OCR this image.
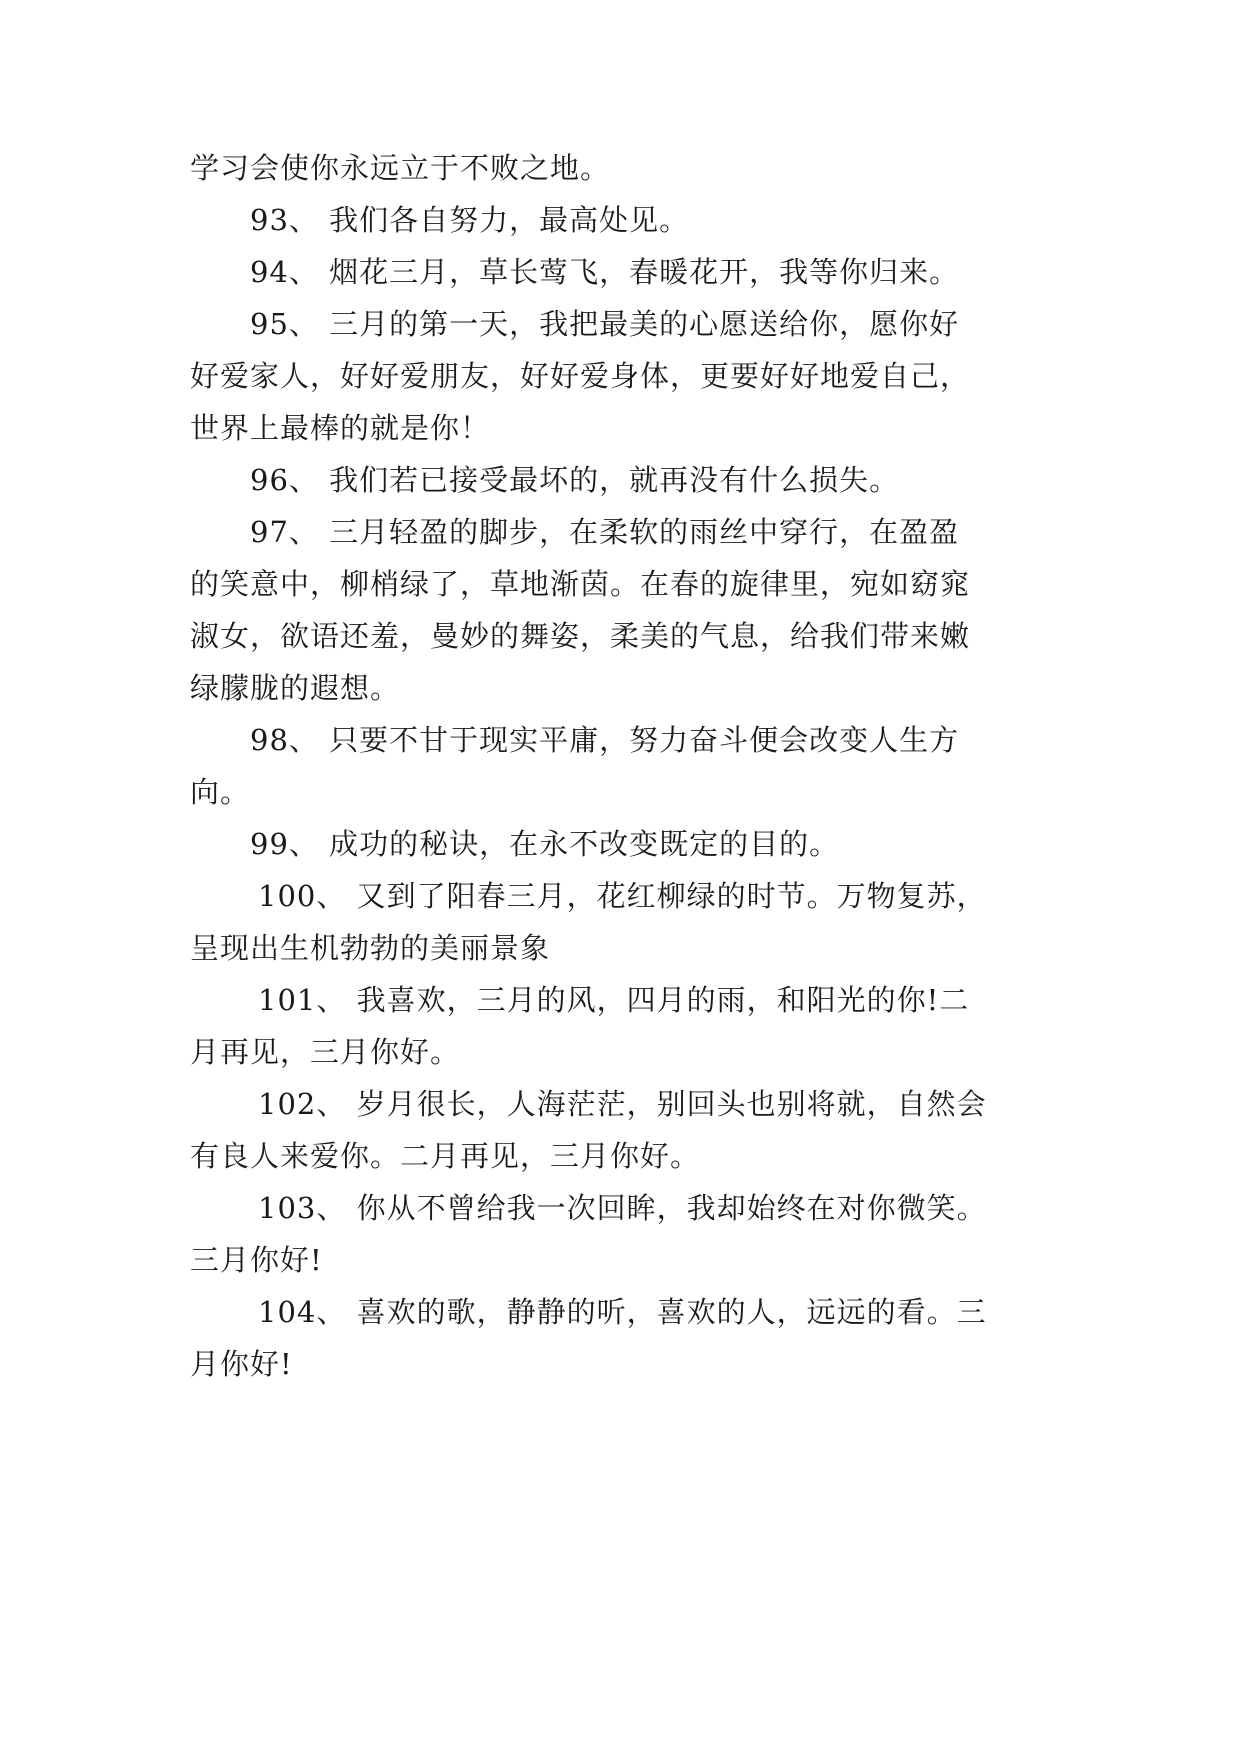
学习会使你永远立于不败之地。
93、 我们各自努力，最高处见。
94、 烟花三月，草长莺飞，春暖花开，我等你归来。
95、 三月的第一天，我把最美的心愿送给你，愿你好
好爱家人，好好爱朋友，好好爱身体，更要好好地爱自己，
世界上最棒的就是你！
96、 我们若已接受最坏的，就再没有什么损失。
97、 三月轻盈的脚步，在柔软的雨丝中穿行，在盈盈
的笑意中，柳梢绿了，草地渐茵。在春的旋律里，宛如窈窕
淑女，欲语还羞，曼妙的舞姿，柔美的气息，给我们带来嫩
绿朦胧的遐想。
98、 只要不甘于现实平庸，努力奋斗便会改变人生方
向。
99、 成功的秘诀，在永不改变既定的目的。
100、 又到了阳春三月，花红柳绿的时节。万物复苏，
呈现出生机勃勃的美丽景象
101、 我喜欢，三月的风，四月的雨，和阳光的你!二
月再见，三月你好。
102、 岁月很长，人海茫茫，别回头也别将就，自然会
有良人来爱你。二月再见，三月你好。
103、 你从不曾给我一次回眸，我却始终在对你微笑。
三月你好!
104、 喜欢的歌，静静的听，喜欢的人，远远的看。三
月你好!
